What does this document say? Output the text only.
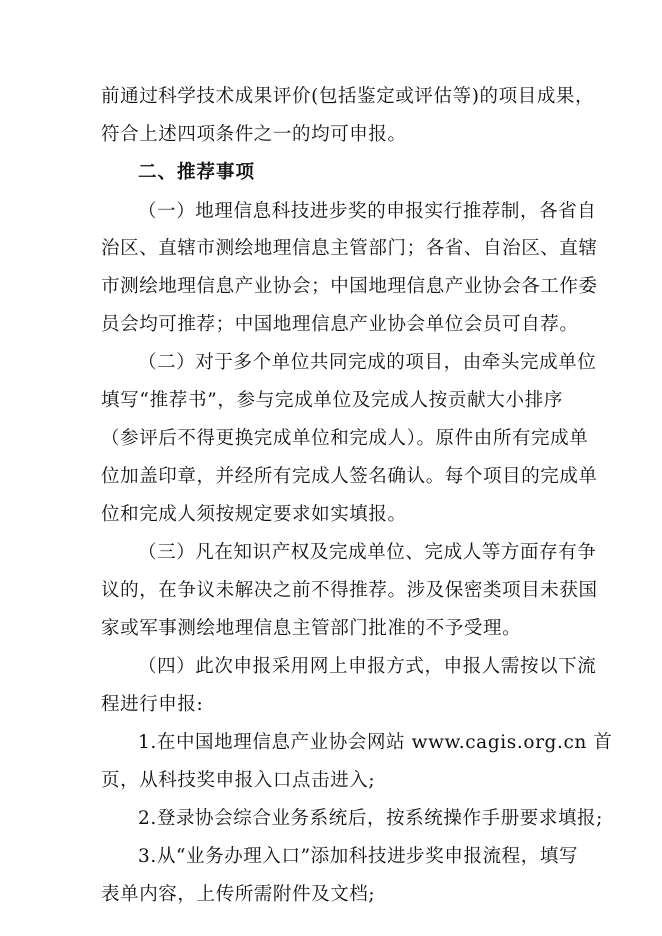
前通过科学技术成果评价(包括鉴定或评估等)的项目成果，
符合上述四项条件之一的均可申报。
二、推荐事项
（一）地理信息科技进步奖的申报实行推荐制，各省自
治区、直辖市测绘地理信息主管部门；各省、自治区、直辖
市测绘地理信息产业协会；中国地理信息产业协会各工作委
员会均可推荐；中国地理信息产业协会单位会员可自荐。
（二）对于多个单位共同完成的项目，由牵头完成单位
填写“推荐书”，参与完成单位及完成人按贡献大小排序
（参评后不得更换完成单位和完成人）。原件由所有完成单
位加盖印章，并经所有完成人签名确认。每个项目的完成单
位和完成人须按规定要求如实填报。
（三）凡在知识产权及完成单位、完成人等方面存有争
议的，在争议未解决之前不得推荐。涉及保密类项目未获国
家或军事测绘地理信息主管部门批准的不予受理。
（四）此次申报采用网上申报方式，申报人需按以下流
程进行申报:
1.在中国地理信息产业协会网站 www.cagis.org.cn 首
页，从科技奖申报入口点击进入;
2.登录协会综合业务系统后，按系统操作手册要求填报;
3.从“业务办理入口”添加科技进步奖申报流程，填写
表单内容，上传所需附件及文档;
